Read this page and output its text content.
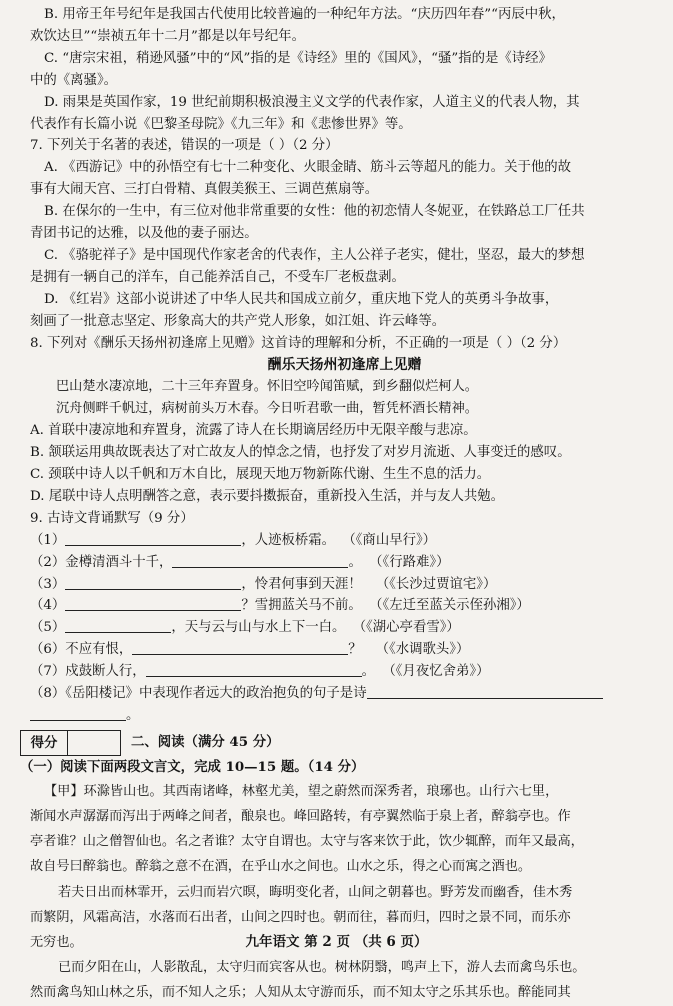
B. 用帝王年号纪年是我国古代使用比较普遍的一种纪年方法。“庆历四年春”“丙辰中秋，
欢饮达旦”“崇祯五年十二月”都是以年号纪年。
C. “唐宗宋祖，稍逊风骚”中的“风”指的是《诗经》里的《国风》，“骚”指的是《诗经》
中的《离骚》。
D. 雨果是英国作家，19 世纪前期积极浪漫主义文学的代表作家，人道主义的代表人物，其
代表作有长篇小说《巴黎圣母院》《九三年》和《悲惨世界》等。
7. 下列关于名著的表述，错误的一项是（ ）（2 分）
A. 《西游记》中的孙悟空有七十二种变化、火眼金睛、筋斗云等超凡的能力。关于他的故
事有大闹天宫、三打白骨精、真假美猴王、三调芭蕉扇等。
B. 在保尔的一生中，有三位对他非常重要的女性：他的初恋情人冬妮亚，在铁路总工厂任共
青团书记的达雅，以及他的妻子丽达。
C. 《骆驼祥子》是中国现代作家老舍的代表作，主人公祥子老实，健壮，坚忍，最大的梦想
是拥有一辆自己的洋车，自己能养活自己，不受车厂老板盘剥。
D. 《红岩》这部小说讲述了中华人民共和国成立前夕，重庆地下党人的英勇斗争故事，
刻画了一批意志坚定、形象高大的共产党人形象，如江姐、许云峰等。
8. 下列对《酬乐天扬州初逢席上见赠》这首诗的理解和分析，不正确的一项是（ ）（2 分）
酬乐天扬州初逢席上见赠
巴山楚水凄凉地，二十三年弃置身。怀旧空吟闻笛赋，到乡翻似烂柯人。
沉舟侧畔千帆过，病树前头万木春。今日听君歌一曲，暂凭杯酒长精神。
A. 首联中凄凉地和弃置身，流露了诗人在长期谪居经历中无限辛酸与悲凉。
B. 颔联运用典故既表达了对亡故友人的悼念之情，也抒发了对岁月流逝、人事变迁的感叹。
C. 颈联中诗人以千帆和万木自比，展现天地万物新陈代谢、生生不息的活力。
D. 尾联中诗人点明酬答之意，表示要抖擞振奋，重新投入生活，并与友人共勉。
9. 古诗文背诵默写（9 分）
（1）	，人迹板桥霜。 （《商山早行》）
（2）金樽清酒斗十千，	。 （《行路难》）
（3）	，怜君何事到天涯！ （《长沙过贾谊宅》）
（4）	？雪拥蓝关马不前。 （《左迁至蓝关示侄孙湘》）
（5）	，天与云与山与水上下一白。 （《湖心亭看雪》）
（6）不应有恨，	？ （《水调歌头》）
（7）戍鼓断人行，	。 （《月夜忆舍弟》）
（8）《岳阳楼记》中表现作者远大的政治抱负的句子是诗
。
得分	二、阅读（满分 45 分）
（一）阅读下面两段文言文，完成 10—15 题。（14 分）
【甲】环滁皆山也。其西南诸峰，林壑尤美，望之蔚然而深秀者，琅琊也。山行六七里，
渐闻水声潺潺而泻出于两峰之间者，酿泉也。峰回路转，有亭翼然临于泉上者，醉翁亭也。作
亭者谁？山之僧智仙也。名之者谁？太守自谓也。太守与客来饮于此，饮少辄醉，而年又最高，
故自号曰醉翁也。醉翁之意不在酒，在乎山水之间也。山水之乐，得之心而寓之酒也。
若夫日出而林霏开，云归而岩穴暝，晦明变化者，山间之朝暮也。野芳发而幽香，佳木秀
而繁阴，风霜高洁，水落而石出者，山间之四时也。朝而往，暮而归，四时之景不同，而乐亦
无穷也。
已而夕阳在山，人影散乱，太守归而宾客从也。树林阴翳，鸣声上下，游人去而禽鸟乐也。
然而禽鸟知山林之乐，而不知人之乐；人知从太守游而乐，而不知太守之乐其乐也。醉能同其
九年语文 第 2 页 （共 6 页）
